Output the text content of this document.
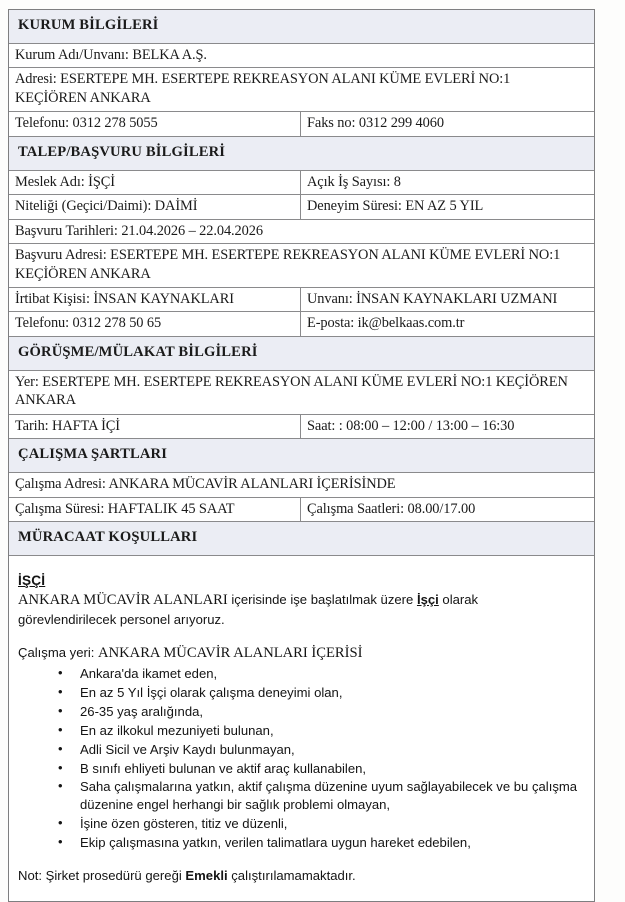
KURUM BİLGİLERİ
Kurum Adı/Unvanı: BELKA A.Ş.
Adresi: ESERTEPE MH. ESERTEPE REKREASYON ALANI KÜME EVLERİ NO:1
KEÇİÖREN ANKARA
Telefonu: 0312 278 5055	Faks no: 0312 299 4060
TALEP/BAŞVURU BİLGİLERİ
Meslek Adı: İŞÇİ	Açık İş Sayısı: 8
Niteliği (Geçici/Daimi): DAİMİ	Deneyim Süresi: EN AZ 5 YIL
Başvuru Tarihleri: 21.04.2026 – 22.04.2026
Başvuru Adresi: ESERTEPE MH. ESERTEPE REKREASYON ALANI KÜME EVLERİ NO:1
KEÇİÖREN ANKARA
İrtibat Kişisi: İNSAN KAYNAKLARI	Unvanı: İNSAN KAYNAKLARI UZMANI
Telefonu: 0312 278 50 65	E-posta: ik@belkaas.com.tr
GÖRÜŞME/MÜLAKAT BİLGİLERİ
Yer: ESERTEPE MH. ESERTEPE REKREASYON ALANI KÜME EVLERİ NO:1 KEÇİÖREN
ANKARA
Tarih: HAFTA İÇİ	Saat: : 08:00 – 12:00 / 13:00 – 16:30
ÇALIŞMA ŞARTLARI
Çalışma Adresi: ANKARA MÜCAVİR ALANLARI İÇERİSİNDE
Çalışma Süresi: HAFTALIK 45 SAAT	Çalışma Saatleri: 08.00/17.00
MÜRACAAT KOŞULLARI
İŞÇİ

ANKARA MÜCAVİR ALANLARI içerisinde işe başlatılmak üzere İşçi olarak görevlendirilecek personel arıyoruz.

Çalışma yeri: ANKARA MÜCAVİR ALANLARI İÇERİSİ

• Ankara'da ikamet eden,
• En az 5 Yıl İşçi olarak çalışma deneyimi olan,
• 26-35 yaş aralığında,
• En az ilkokul mezuniyeti bulunan,
• Adli Sicil ve Arşiv Kaydı bulunmayan,
• B sınıfı ehliyeti bulunan ve aktif araç kullanabilen,
• Saha çalışmalarına yatkın, aktif çalışma düzenine uyum sağlayabilecek ve bu çalışma düzenine engel herhangi bir sağlık problemi olmayan,
• İşine özen gösteren, titiz ve düzenli,
• Ekip çalışmasına yatkın, verilen talimatlara uygun hareket edebilen,

Not: Şirket prosedürü gereği Emekli çalıştırılamamaktadır.
